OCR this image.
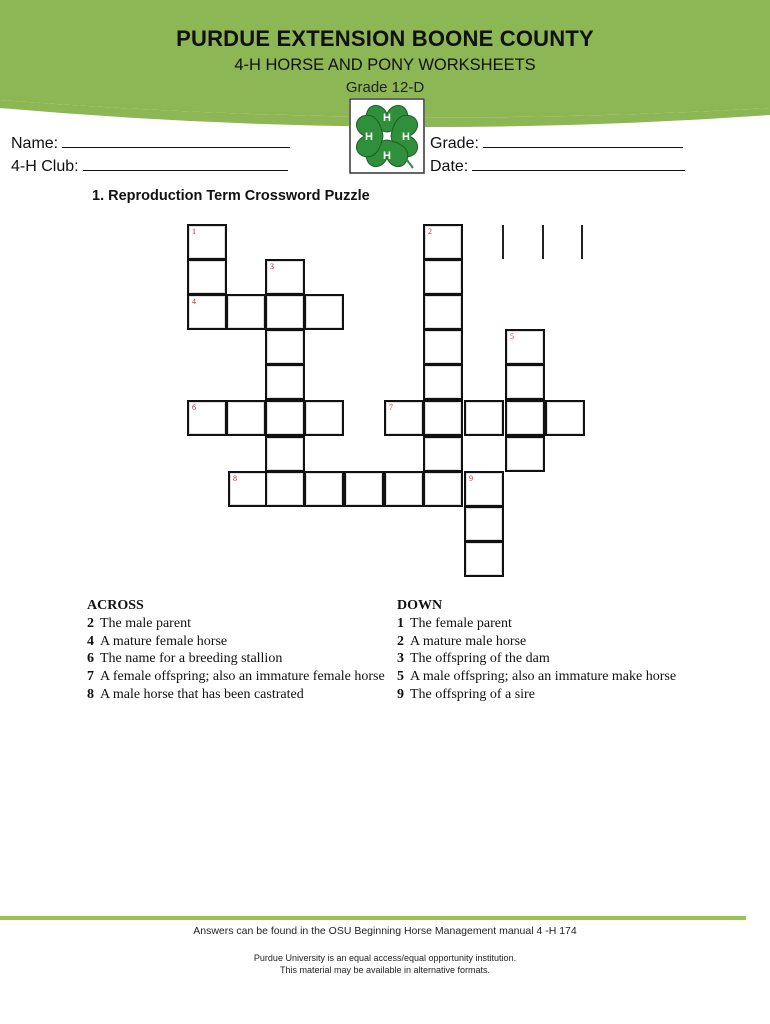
PURDUE EXTENSION BOONE COUNTY
4-H HORSE AND PONY WORKSHEETS
Grade 12-D
H
H
H
H
Name:
4-H Club:
Grade:
Date:
1. Reproduction Term Crossword Puzzle
1
4
3
6
2
5
7
8	9
ACROSS
2 The male parent
4 A mature female horse
6 The name for a breeding stallion
7 A female offspring; also an immature female horse
8 A male horse that has been castrated
DOWN
1 The female parent
2 A mature male horse
3 The offspring of the dam
5 A male offspring; also an immature make horse
9 The offspring of a sire
Answers can be found in the OSU Beginning Horse Management manual 4 -H 174
Purdue University is an equal access/equal opportunity institution.
This material may be available in alternative formats.
